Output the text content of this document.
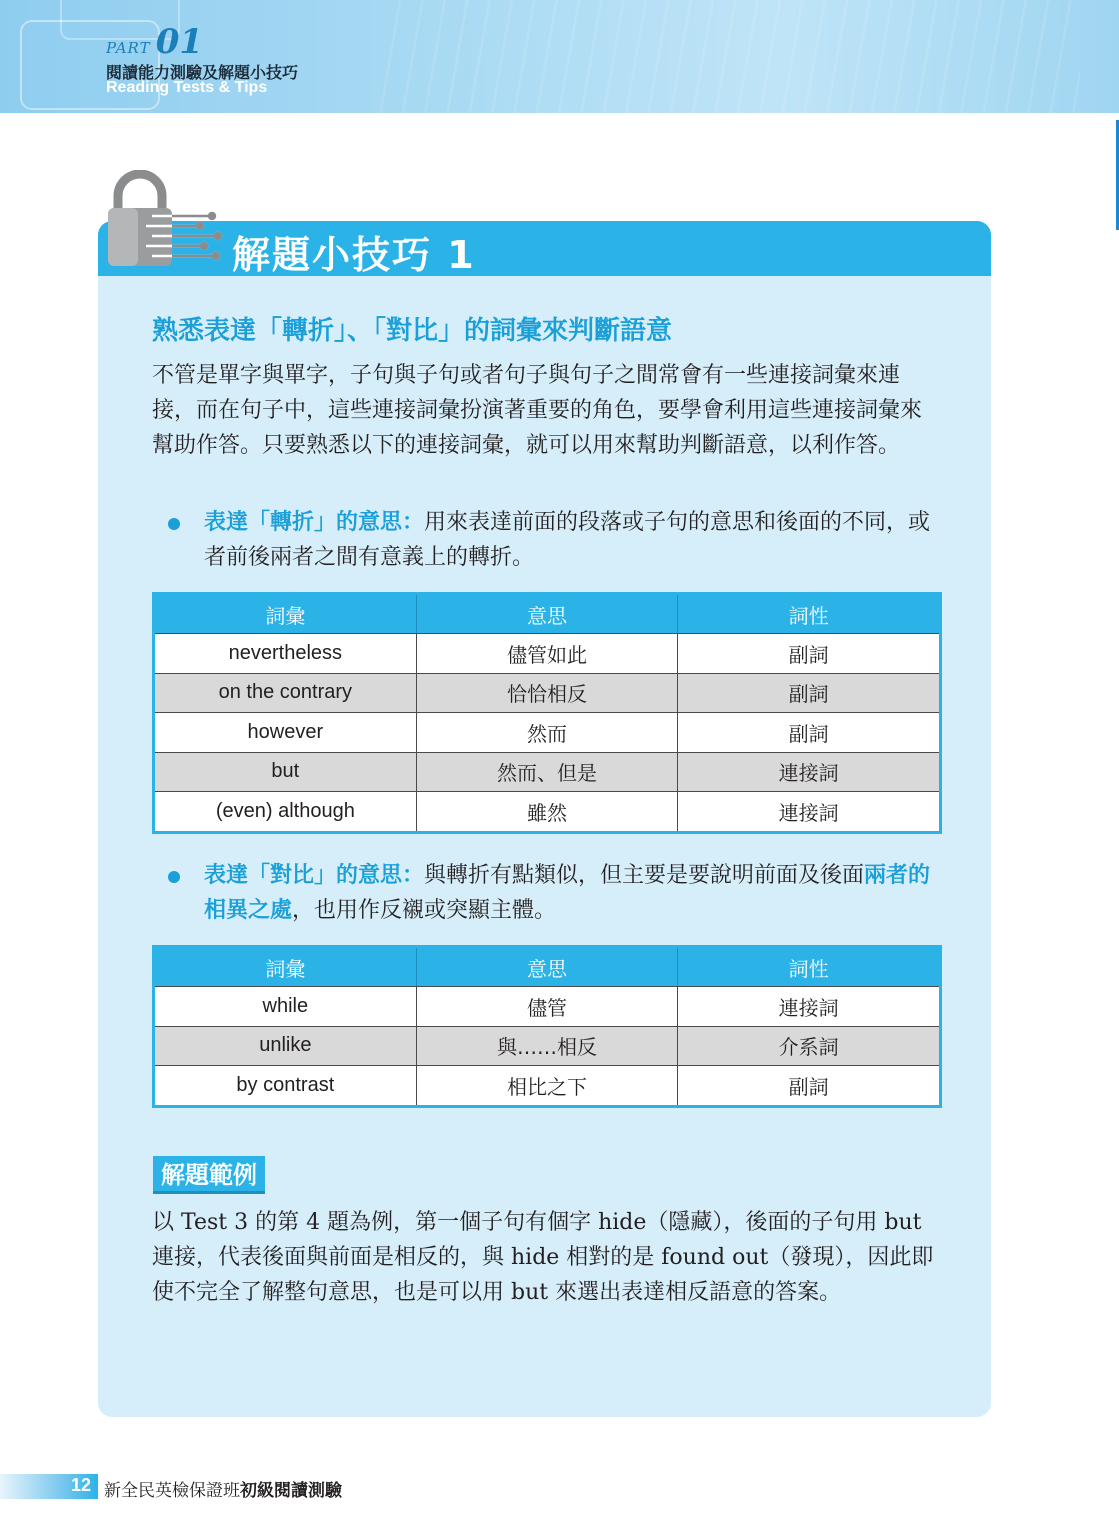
PART 01
閱讀能力測驗及解題小技巧
Reading Tests & Tips
解題小技巧 1
熟悉表達「轉折」、「對比」的詞彙來判斷語意
不管是單字與單字，子句與子句或者句子與句子之間常會有一些連接詞彙來連接，而在句子中，這些連接詞彙扮演著重要的角色，要學會利用這些連接詞彙來幫助作答。只要熟悉以下的連接詞彙，就可以用來幫助判斷語意，以利作答。
表達「轉折」的意思：用來表達前面的段落或子句的意思和後面的不同，或者前後兩者之間有意義上的轉折。
詞彙	意思	詞性
nevertheless	儘管如此	副詞
on the contrary	恰恰相反	副詞
however	然而	副詞
but	然而、但是	連接詞
(even) although	雖然	連接詞
表達「對比」的意思：與轉折有點類似，但主要是要說明前面及後面兩者的相異之處，也用作反襯或突顯主體。
詞彙	意思	詞性
while	儘管	連接詞
unlike	與……相反	介系詞
by contrast	相比之下	副詞
解題範例
以 Test 3 的第 4 題為例，第一個子句有個字 hide（隱藏），後面的子句用 but 連接，代表後面與前面是相反的，與 hide 相對的是 found out（發現），因此即使不完全了解整句意思，也是可以用 but 來選出表達相反語意的答案。
12 新全民英檢保證班初級閱讀測驗
